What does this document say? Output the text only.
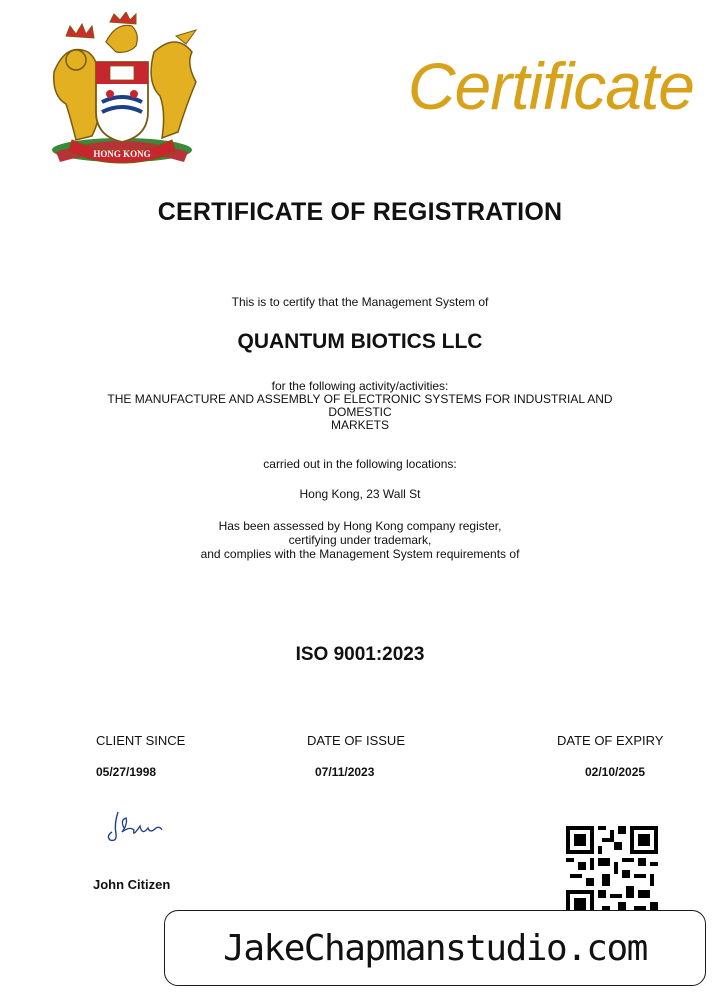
HONG KONG
Certificate
CERTIFICATE OF REGISTRATION
This is to certify that the Management System of
QUANTUM BIOTICS LLC
for the following activity/activities:
THE MANUFACTURE AND ASSEMBLY OF ELECTRONIC SYSTEMS FOR INDUSTRIAL AND
DOMESTIC
MARKETS
carried out in the following locations:
Hong Kong, 23 Wall St
Has been assessed by Hong Kong company register,
certifying under trademark,
and complies with the Management System requirements of
ISO 9001:2023
CLIENT SINCE	DATE OF ISSUE	DATE OF EXPIRY
05/27/1998	07/11/2023	02/10/2025
John Citizen
JakeChapmanstudio.com
